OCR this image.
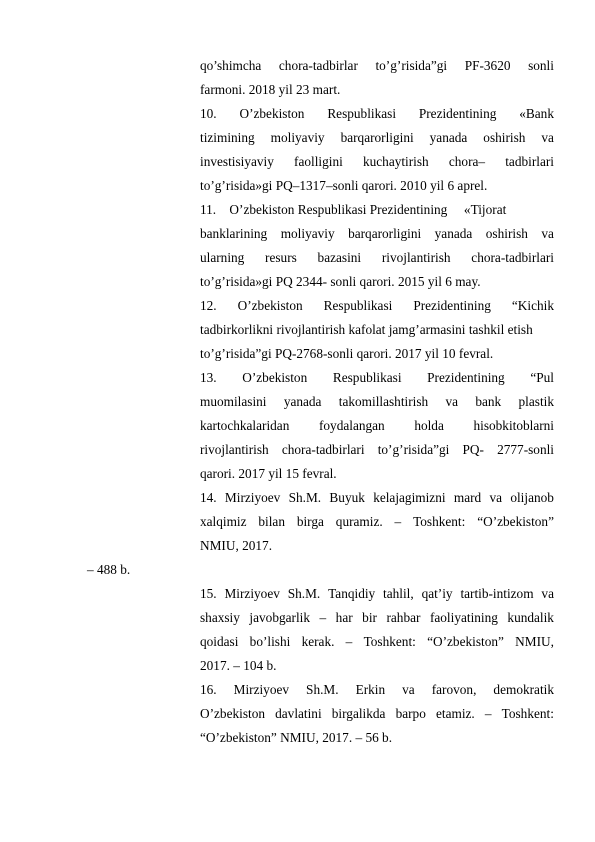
qo’shimcha chora-tadbirlar to’g’risida”gi PF-3620 sonli
farmoni. 2018 yil 23 mart.
10. O’zbekiston Respublikasi Prezidentining «Bank
tizimining moliyaviy barqarorligini yanada oshirish va
investisiyaviy faolligini kuchaytirish chora– tadbirlari
to’g’risida»gi PQ–1317–sonli qarori. 2010 yil 6 aprel.
11.    O’zbekiston Respublikasi Prezidentining     «Tijorat
banklarining moliyaviy barqarorligini yanada oshirish va
ularning resurs bazasini rivojlantirish chora-tadbirlari
to’g’risida»gi PQ 2344- sonli qarori. 2015 yil 6 may.
12. O’zbekiston Respublikasi Prezidentining “Kichik
tadbirkorlikni rivojlantirish kafolat jamg’armasini tashkil etish
to’g’risida”gi PQ-2768-sonli qarori. 2017 yil 10 fevral.
13. O’zbekiston Respublikasi Prezidentining “Pul
muomilasini yanada takomillashtirish va bank plastik
kartochkalaridan foydalangan holda hisobkitoblarni
rivojlantirish chora-tadbirlari to’g’risida”gi PQ- 2777-sonli
qarori. 2017 yil 15 fevral.
14. Mirziyoev Sh.M. Buyuk kelajagimizni mard va olijanob
xalqimiz bilan birga quramiz. – Toshkent: “O’zbekiston”
NMIU, 2017.
– 488 b.
15. Mirziyoev Sh.M. Tanqidiy tahlil, qat’iy tartib-intizom va
shaxsiy javobgarlik – har bir rahbar faoliyatining kundalik
qoidasi bo’lishi kerak. – Toshkent: “O’zbekiston” NMIU,
2017. – 104 b.
16. Mirziyoev Sh.M. Erkin va farovon, demokratik
O’zbekiston davlatini birgalikda barpo etamiz. – Toshkent:
“O’zbekiston” NMIU, 2017. – 56 b.
